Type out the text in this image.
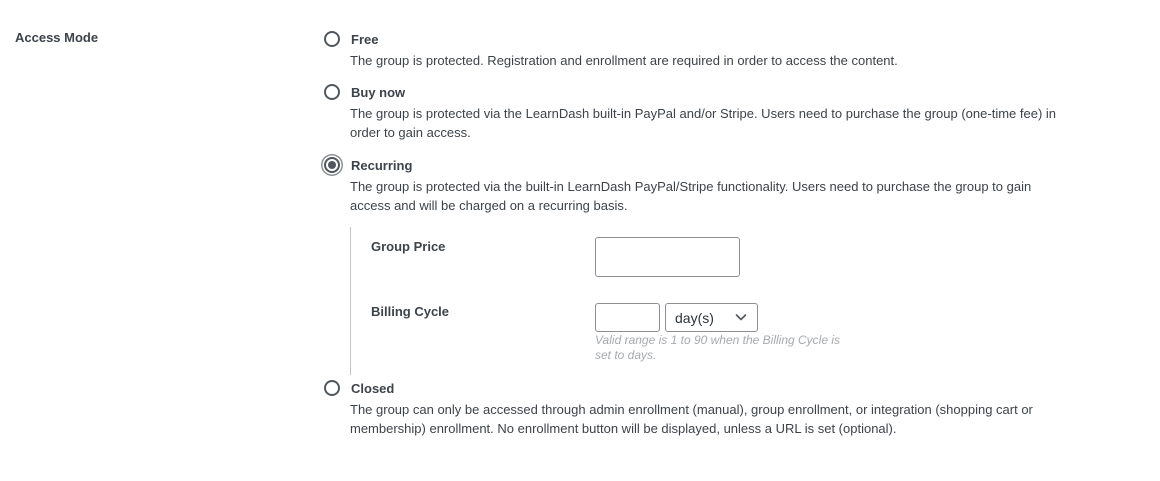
Access Mode	Free
The group is protected. Registration and enrollment are required in order to access the content.
Buy now
The group is protected via the LearnDash built-in PayPal and/or Stripe. Users need to purchase the group (one-time fee) in order to gain access.
Recurring
The group is protected via the built-in LearnDash PayPal/Stripe functionality. Users need to purchase the group to gain access and will be charged on a recurring basis.
Group Price
Billing Cycle	day(s)
Valid range is 1 to 90 when the Billing Cycle is set to days.
Closed
The group can only be accessed through admin enrollment (manual), group enrollment, or integration (shopping cart or membership) enrollment. No enrollment button will be displayed, unless a URL is set (optional).
